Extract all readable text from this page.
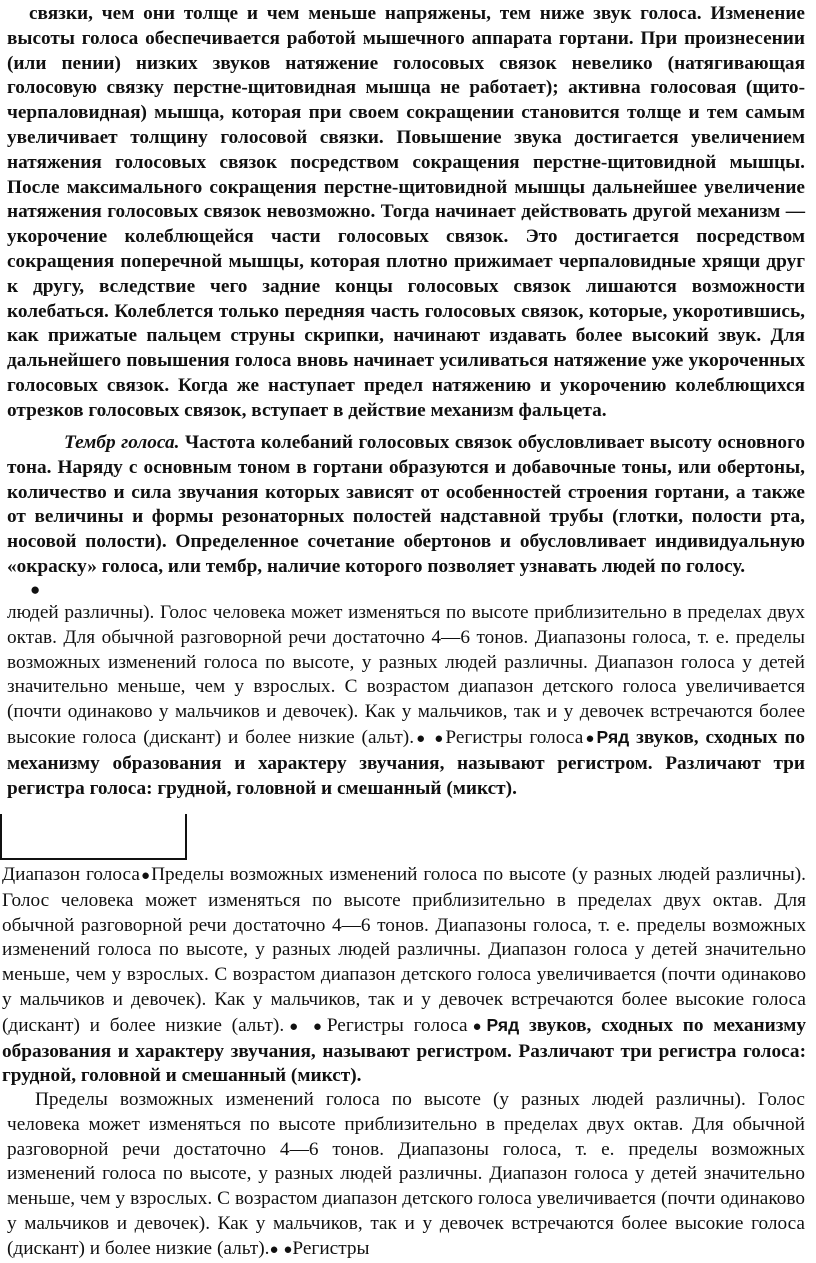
связки, чем они толще и чем меньше напряжены, тем ниже звук голоса. Изменение высоты голоса обеспечивается работой мышечного аппарата гортани. При произнесении (или пении) низких звуков натяжение голосовых связок невелико (натягивающая голосовую связку перстне-щитовидная мышца не работает); активна голосовая (щито-черпаловидная) мышца, которая при своем сокращении становится толще и тем самым увеличивает толщину голосовой связки. Повышение звука достигается увеличением натяжения голосовых связок посредством сокращения перстне-щитовидной мышцы. После максимального сокращения перстне-щитовидной мышцы дальнейшее увеличение натяжения голосовых связок невозможно. Тогда начинает действовать другой механизм — укорочение колеблющейся части голосовых связок. Это достигается посредством сокращения поперечной мышцы, которая плотно прижимает черпаловидные хрящи друг к другу, вследствие чего задние концы голосовых связок лишаются возможности колебаться. Колеблется только передняя часть голосовых связок, которые, укоротившись, как прижатые пальцем струны скрипки, начинают издавать более высокий звук. Для дальнейшего повышения голоса вновь начинает усиливаться натяжение уже укороченных голосовых связок. Когда же наступает предел натяжению и укорочению колеблющихся отрезков голосовых связок, вступает в действие механизм фальцета.

Тембр голоса. Частота колебаний голосовых связок обусловливает высоту основного тона. Наряду с основным тоном в гортани образуются и добавочные тоны, или обертоны, количество и сила звучания которых зависят от особенностей строения гортани, а также от величины и формы резонаторных полостей надставной трубы (глотки, полости рта, носовой полости). Определенное сочетание обертонов и обусловливает индивидуальную «окраску» голоса, или тембр, наличие которого позволяет узнавать людей по голосу.

●

людей различны). Голос человека может изменяться по высоте приблизительно в пределах двух октав. Для обычной разговорной речи достаточно 4—6 тонов. Диапазоны голоса, т. е. пределы возможных изменений голоса по высоте, у разных людей различны. Диапазон голоса у детей значительно меньше, чем у взрослых. С возрастом диапазон детского голоса увеличивается (почти одинаково у мальчиков и девочек). Как у мальчиков, так и у девочек встречаются более высокие голоса (дискант) и более низкие (альт).● ●Регистры голоса●Ряд звуков, сходных по механизму образования и характеру звучания, называют регистром. Различают три регистра голоса: грудной, головной и смешанный (микст).

Диапазон голоса●Пределы возможных изменений голоса по высоте (у разных людей различны). Голос человека может изменяться по высоте приблизительно в пределах двух октав. Для обычной разговорной речи достаточно 4—6 тонов. Диапазоны голоса, т. е. пределы возможных изменений голоса по высоте, у разных людей различны. Диапазон голоса у детей значительно меньше, чем у взрослых. С возрастом диапазон детского голоса увеличивается (почти одинаково у мальчиков и девочек). Как у мальчиков, так и у девочек встречаются более высокие голоса (дискант) и более низкие (альт).● ●Регистры голоса●Ряд звуков, сходных по механизму образования и характеру звучания, называют регистром. Различают три регистра голоса: грудной, головной и смешанный (микст).

Пределы возможных изменений голоса по высоте (у разных людей различны). Голос человека может изменяться по высоте приблизительно в пределах двух октав. Для обычной разговорной речи достаточно 4—6 тонов. Диапазоны голоса, т. е. пределы возможных изменений голоса по высоте, у разных людей различны. Диапазон голоса у детей значительно меньше, чем у взрослых. С возрастом диапазон детского голоса увеличивается (почти одинаково у мальчиков и девочек). Как у мальчиков, так и у девочек встречаются более высокие голоса (дискант) и более низкие (альт).● ●Регистры
